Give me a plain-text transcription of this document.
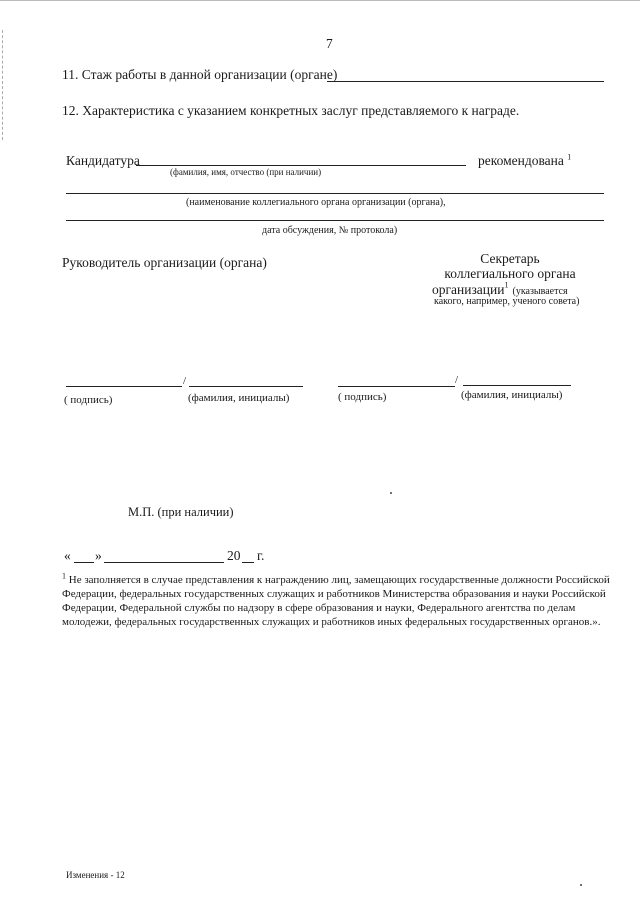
7
11. Стаж работы в данной организации (органе)
12. Характеристика с указанием конкретных заслуг представляемого к награде.
Кандидатура	рекомендована $^1$
(фамилия, имя, отчество (при наличии)
(наименование коллегиального органа организации (органа),
дата обсуждения, № протокола)
Руководитель организации (органа)	Секретарь
коллегиального органа
организации$^1$ (указывается
какого, например, ученого совета)
/
( подпись)	(фамилия, инициалы)
/
( подпись)	(фамилия, инициалы)
М.П. (при наличии)
« »	20 г.
$^1$ Не заполняется в случае представления к награждению лиц, замещающих государственные должности Российской
Федерации, федеральных государственных служащих и работников Министерства образования и науки Российской
Федерации, Федеральной службы по надзору в сфере образования и науки, Федерального агентства по делам
молодежи, федеральных государственных служащих и работников иных федеральных государственных органов.».
Изменения - 12
